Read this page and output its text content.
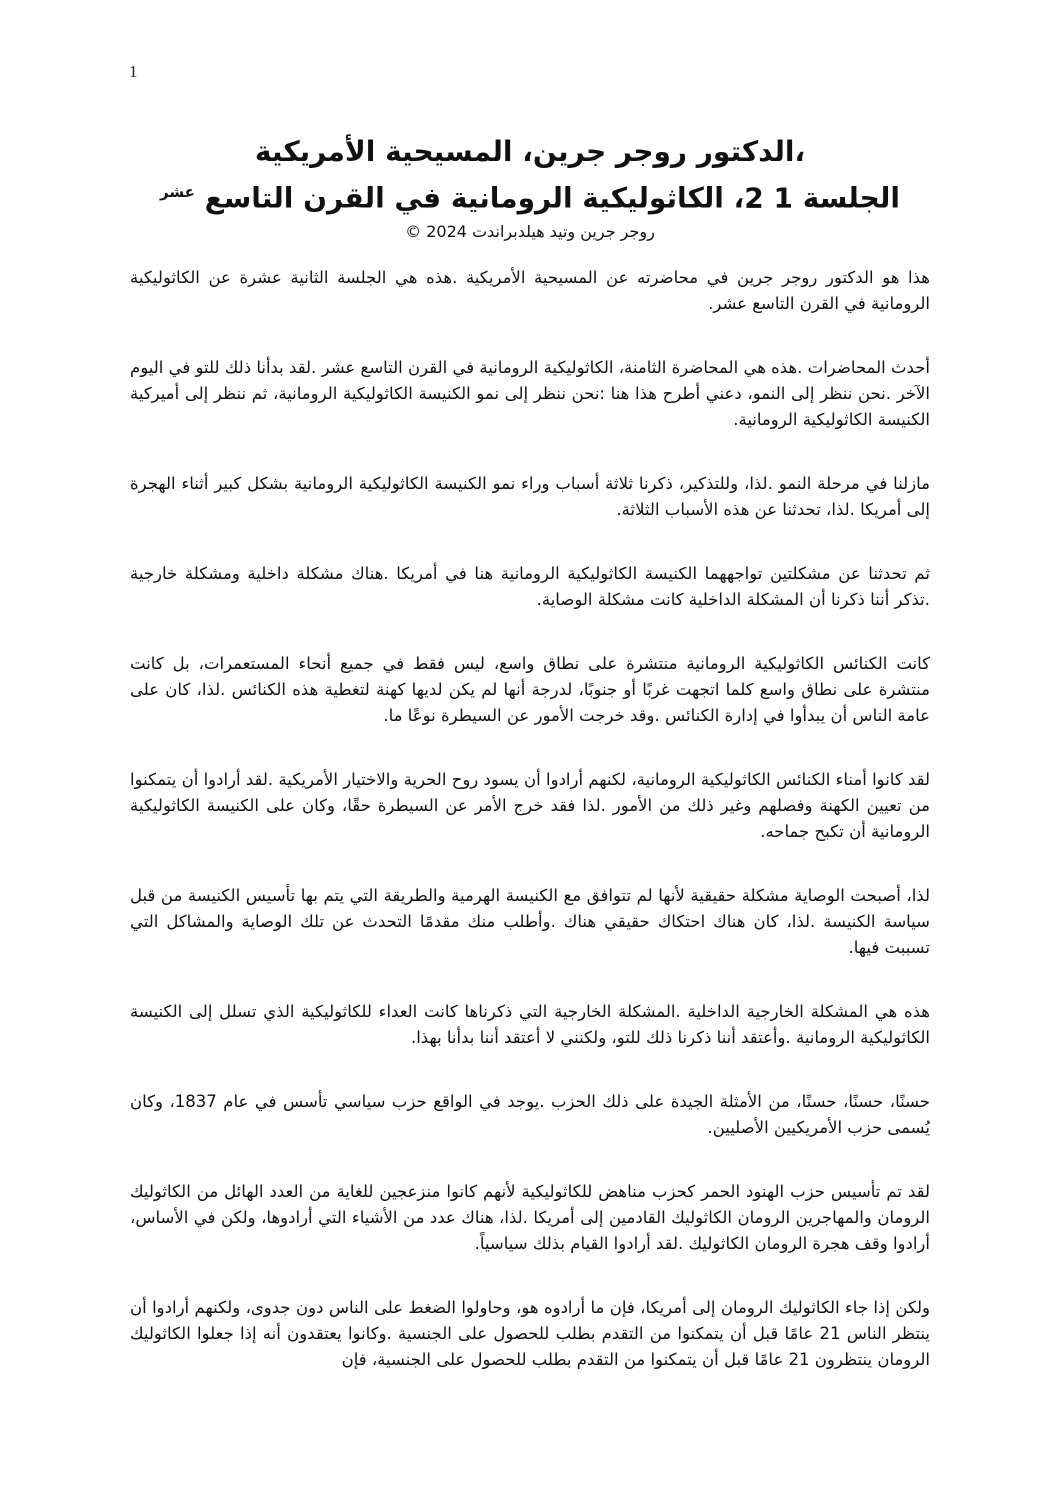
1
،الدكتور روجر جرين، المسيحية الأمريكية
الجلسة 1 2، الكاثوليكية الرومانية في القرن التاسع $^{عشر}$
روجر جرين وتيد هيلدبراندت 2024 ©

هذا هو الدكتور روجر جرين في محاضرته عن المسيحية الأمريكية .هذه هي الجلسة الثانية عشرة عن الكاثوليكية الرومانية في القرن التاسع عشر.

أحدث المحاضرات .هذه هي المحاضرة الثامنة، الكاثوليكية الرومانية في القرن التاسع عشر .لقد بدأنا ذلك للتو في اليوم الآخر .نحن ننظر إلى النمو، دعني أطرح هذا هنا :نحن ننظر إلى نمو الكنيسة الكاثوليكية الرومانية، ثم ننظر إلى أميركية الكنيسة الكاثوليكية الرومانية.

مازلنا في مرحلة النمو .لذا، وللتذكير، ذكرنا ثلاثة أسباب وراء نمو الكنيسة الكاثوليكية الرومانية بشكل كبير أثناء الهجرة إلى أمريكا .لذا، تحدثنا عن هذه الأسباب الثلاثة.

ثم تحدثنا عن مشكلتين تواجههما الكنيسة الكاثوليكية الرومانية هنا في أمريكا .هناك مشكلة داخلية ومشكلة خارجية .تذكر أننا ذكرنا أن المشكلة الداخلية كانت مشكلة الوصاية.

كانت الكنائس الكاثوليكية الرومانية منتشرة على نطاق واسع، ليس فقط في جميع أنحاء المستعمرات، بل كانت منتشرة على نطاق واسع كلما اتجهت غربًا أو جنوبًا، لدرجة أنها لم يكن لديها كهنة لتغطية هذه الكنائس .لذا، كان على عامة الناس أن يبدأوا في إدارة الكنائس .وقد خرجت الأمور عن السيطرة نوعًا ما.

لقد كانوا أمناء الكنائس الكاثوليكية الرومانية، لكنهم أرادوا أن يسود روح الحرية والاختيار الأمريكية .لقد أرادوا أن يتمكنوا من تعيين الكهنة وفصلهم وغير ذلك من الأمور .لذا فقد خرج الأمر عن السيطرة حقًا، وكان على الكنيسة الكاثوليكية الرومانية أن تكبح جماحه.

لذا، أصبحت الوصاية مشكلة حقيقية لأنها لم تتوافق مع الكنيسة الهرمية والطريقة التي يتم بها تأسيس الكنيسة من قبل سياسة الكنيسة .لذا، كان هناك احتكاك حقيقي هناك .وأطلب منك مقدمًا التحدث عن تلك الوصاية والمشاكل التي تسببت فيها.

هذه هي المشكلة الخارجية الداخلية .المشكلة الخارجية التي ذكرناها كانت العداء للكاثوليكية الذي تسلل إلى الكنيسة الكاثوليكية الرومانية .وأعتقد أننا ذكرنا ذلك للتو، ولكنني لا أعتقد أننا بدأنا بهذا.

حسنًا، حسنًا، حسنًا، من الأمثلة الجيدة على ذلك الحزب .يوجد في الواقع حزب سياسي تأسس في عام 1837، وكان يُسمى حزب الأمريكيين الأصليين.

لقد تم تأسيس حزب الهنود الحمر كحزب مناهض للكاثوليكية لأنهم كانوا منزعجين للغاية من العدد الهائل من الكاثوليك الرومان والمهاجرين الرومان الكاثوليك القادمين إلى أمريكا .لذا، هناك عدد من الأشياء التي أرادوها، ولكن في الأساس، أرادوا وقف هجرة الرومان الكاثوليك .لقد أرادوا القيام بذلك سياسياً.

ولكن إذا جاء الكاثوليك الرومان إلى أمريكا، فإن ما أرادوه هو، وحاولوا الضغط على الناس دون جدوى، ولكنهم أرادوا أن ينتظر الناس 21 عامًا قبل أن يتمكنوا من التقدم بطلب للحصول على الجنسية .وكانوا يعتقدون أنه إذا جعلوا الكاثوليك الرومان ينتظرون 21 عامًا قبل أن يتمكنوا من التقدم بطلب للحصول على الجنسية، فإن
